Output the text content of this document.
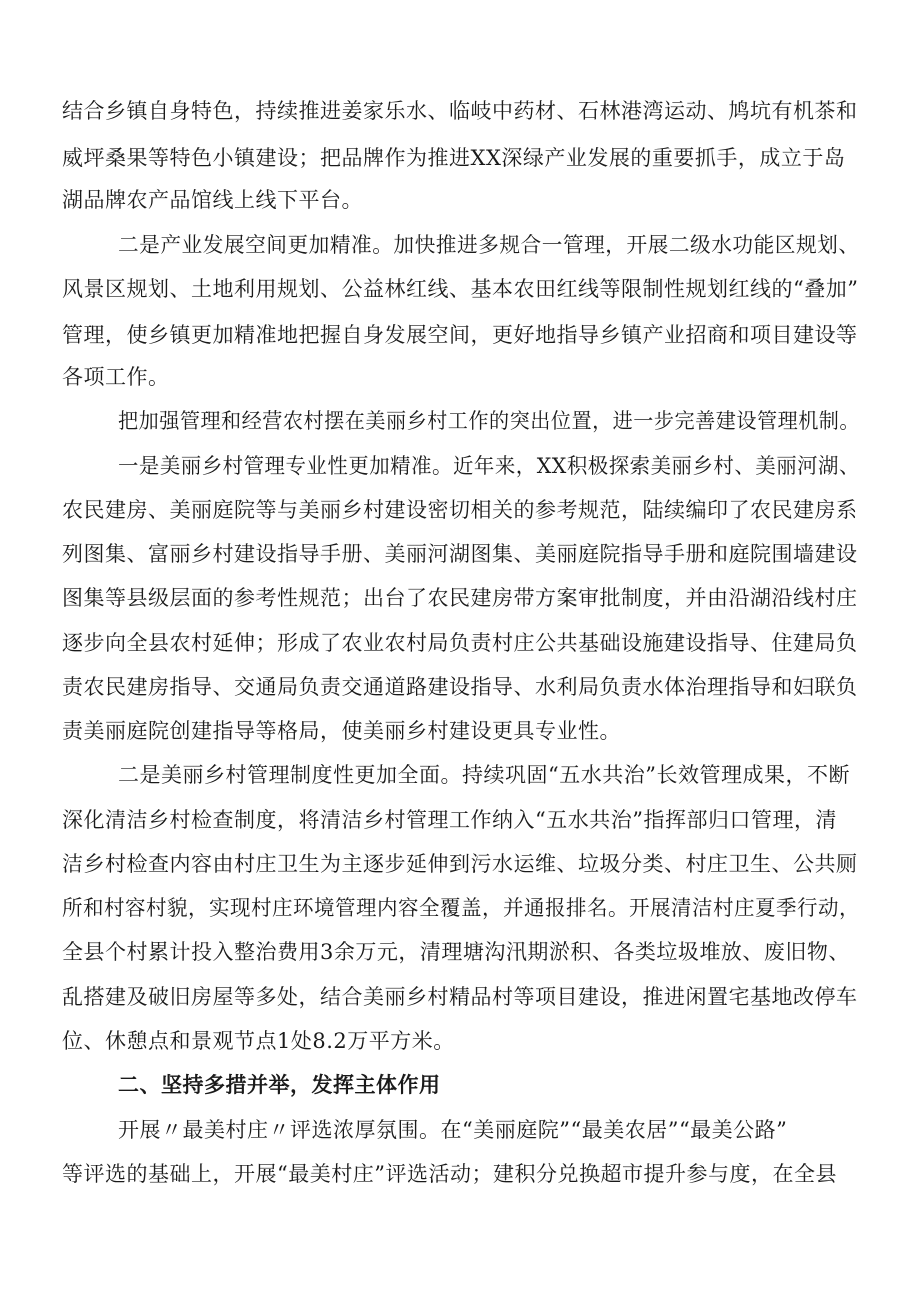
结合乡镇自身特色，持续推进姜家乐水、临岐中药材、石林港湾运动、鸠坑有机茶和
威坪桑果等特色小镇建设；把品牌作为推进XX深绿产业发展的重要抓手，成立于岛
湖品牌农产品馆线上线下平台。
二是产业发展空间更加精准。加快推进多规合一管理，开展二级水功能区规划、
风景区规划、土地利用规划、公益林红线、基本农田红线等限制性规划红线的“叠加”
管理，使乡镇更加精准地把握自身发展空间，更好地指导乡镇产业招商和项目建设等
各项工作。
把加强管理和经营农村摆在美丽乡村工作的突出位置，进一步完善建设管理机制。
一是美丽乡村管理专业性更加精准。近年来，XX积极探索美丽乡村、美丽河湖、
农民建房、美丽庭院等与美丽乡村建设密切相关的参考规范，陆续编印了农民建房系
列图集、富丽乡村建设指导手册、美丽河湖图集、美丽庭院指导手册和庭院围墙建设
图集等县级层面的参考性规范；出台了农民建房带方案审批制度，并由沿湖沿线村庄
逐步向全县农村延伸；形成了农业农村局负责村庄公共基础设施建设指导、住建局负
责农民建房指导、交通局负责交通道路建设指导、水利局负责水体治理指导和妇联负
责美丽庭院创建指导等格局，使美丽乡村建设更具专业性。
二是美丽乡村管理制度性更加全面。持续巩固“五水共治”长效管理成果，不断
深化清洁乡村检查制度，将清洁乡村管理工作纳入“五水共治”指挥部归口管理，清
洁乡村检查内容由村庄卫生为主逐步延伸到污水运维、垃圾分类、村庄卫生、公共厕
所和村容村貌，实现村庄环境管理内容全覆盖，并通报排名。开展清洁村庄夏季行动，
全县个村累计投入整治费用3余万元，清理塘沟汛期淤积、各类垃圾堆放、废旧物、
乱搭建及破旧房屋等多处，结合美丽乡村精品村等项目建设，推进闲置宅基地改停车
位、休憩点和景观节点1处8.2万平方米。
二、坚持多措并举，发挥主体作用
开展〃最美村庄〃评选浓厚氛围。在“美丽庭院”“最美农居”“最美公路”
等评选的基础上，开展“最美村庄”评选活动；建积分兑换超市提升参与度，在全县
